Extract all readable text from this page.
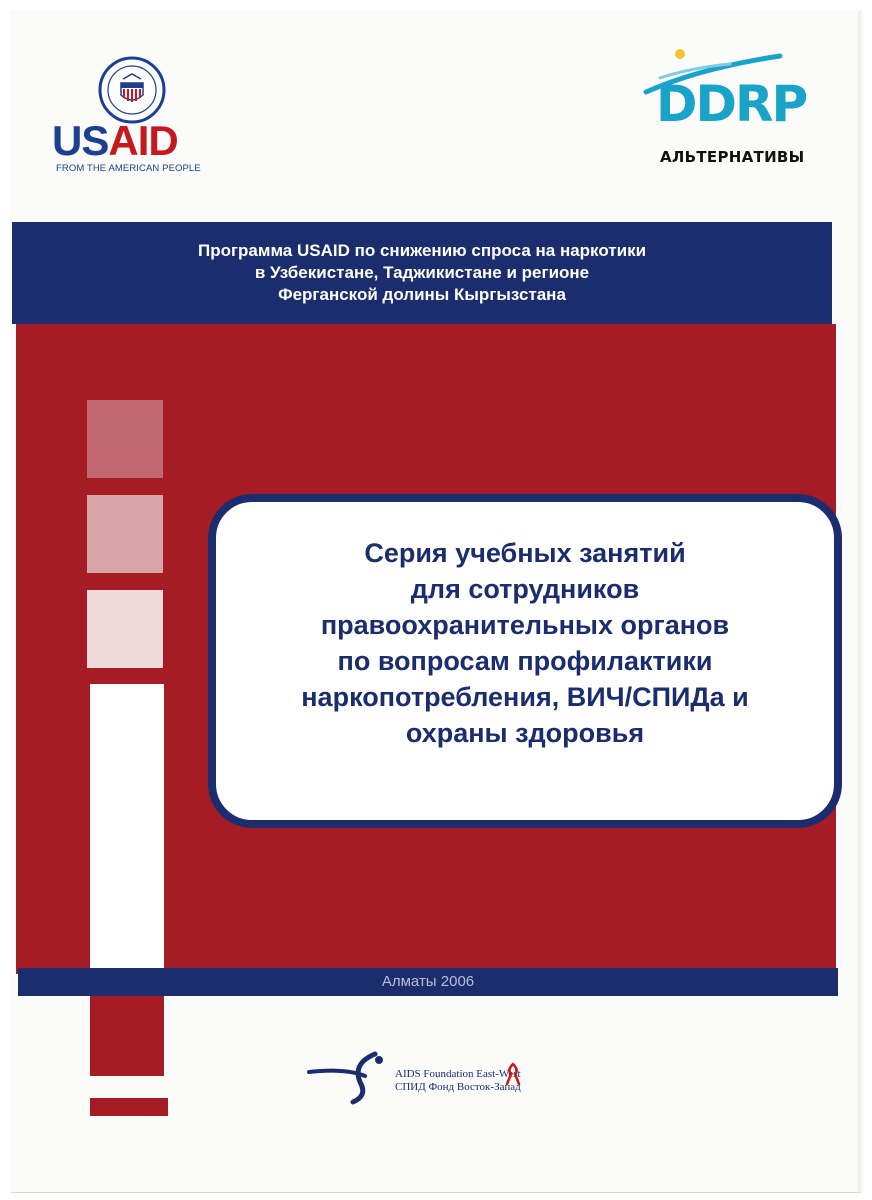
USAID
FROM THE AMERICAN PEOPLE
DDRP
АЛЬТЕРНАТИВЫ
Программа USAID по снижению спроса на наркотики
в Узбекистане, Таджикистане и регионе
Ферганской долины Кыргызстана
Серия учебных занятий
для сотрудников
правоохранительных органов
по вопросам профилактики
наркопотребления, ВИЧ/СПИДа и
охраны здоровья
Алматы 2006
AIDS Foundation East-West
СПИД Фонд Восток-Запад
